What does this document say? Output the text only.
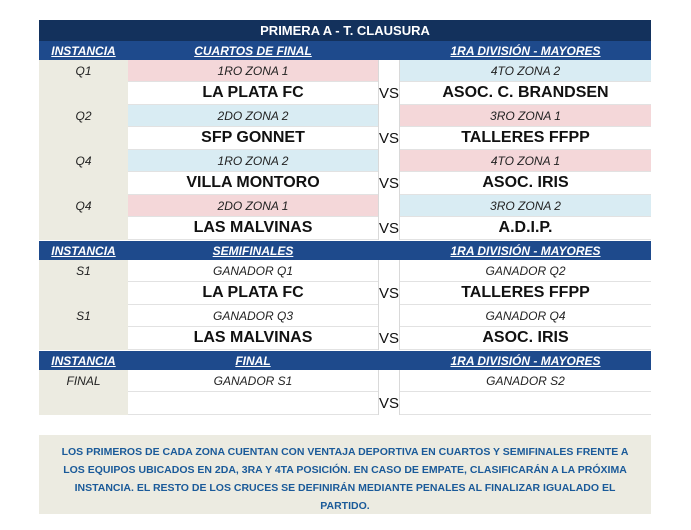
PRIMERA A - T. CLAUSURA
INSTANCIA	CUARTOS DE FINAL	1RA DIVISIÓN - MAYORES
Q1	1RO ZONA 1	4TO ZONA 2
LA PLATA FC	VS	ASOC. C. BRANDSEN
Q2	2DO ZONA 2	3RO ZONA 1
SFP GONNET	VS	TALLERES FFPP
Q4	1RO ZONA 2	4TO ZONA 1
VILLA MONTORO	VS	ASOC. IRIS
Q4	2DO ZONA 1	3RO ZONA 2
LAS MALVINAS	VS	A.D.I.P.
INSTANCIA	SEMIFINALES	1RA DIVISIÓN - MAYORES
S1	GANADOR Q1	GANADOR Q2
LA PLATA FC	VS	TALLERES FFPP
S1	GANADOR Q3	GANADOR Q4
LAS MALVINAS	VS	ASOC. IRIS
INSTANCIA	FINAL	1RA DIVISIÓN - MAYORES
FINAL	GANADOR S1	GANADOR S2
VS
LOS PRIMEROS DE CADA ZONA CUENTAN CON VENTAJA DEPORTIVA EN CUARTOS Y SEMIFINALES FRENTE A LOS EQUIPOS UBICADOS EN 2DA, 3RA Y 4TA POSICIÓN. EN CASO DE EMPATE, CLASIFICARÁN A LA PRÓXIMA INSTANCIA. EL RESTO DE LOS CRUCES SE DEFINIRÁN MEDIANTE PENALES AL FINALIZAR IGUALADO EL PARTIDO.
